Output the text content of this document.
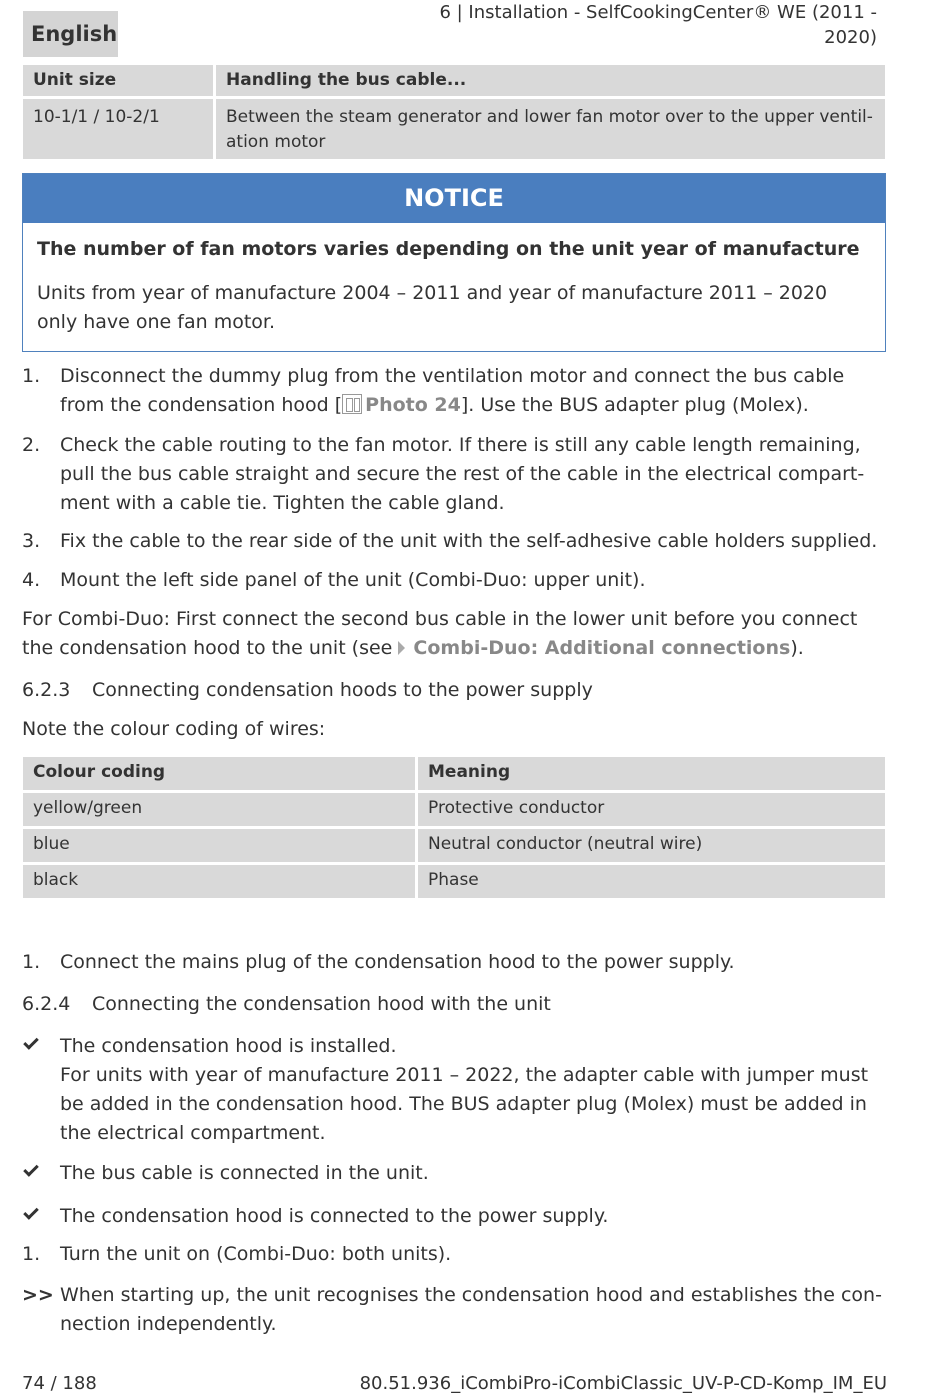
English
6 | Installation - SelfCookingCenter® WE (2011 -
2020)
Unit size	Handling the bus cable...
10-1/1 / 10-2/1	Between the steam generator and lower fan motor over to the upper ventil-ation motor
NOTICE
The number of fan motors varies depending on the unit year of manufacture
Units from year of manufacture 2004 – 2011 and year of manufacture 2011 – 2020 only have one fan motor.
1. Disconnect the dummy plug from the ventilation motor and connect the bus cable from the condensation hood [ Photo 24]. Use the BUS adapter plug (Molex).
2. Check the cable routing to the fan motor. If there is still any cable length remaining, pull the bus cable straight and secure the rest of the cable in the electrical compart-ment with a cable tie. Tighten the cable gland.
3. Fix the cable to the rear side of the unit with the self-adhesive cable holders supplied.
4. Mount the left side panel of the unit (Combi-Duo: upper unit).
For Combi-Duo: First connect the second bus cable in the lower unit before you connect the condensation hood to the unit (see Combi-Duo: Additional connections).
6.2.3 Connecting condensation hoods to the power supply
Note the colour coding of wires:
Colour coding	Meaning
yellow/green	Protective conductor
blue	Neutral conductor (neutral wire)
black	Phase
1. Connect the mains plug of the condensation hood to the power supply.
6.2.4 Connecting the condensation hood with the unit
The condensation hood is installed.
For units with year of manufacture 2011 – 2022, the adapter cable with jumper must be added in the condensation hood. The BUS adapter plug (Molex) must be added in the electrical compartment.
The bus cable is connected in the unit.
The condensation hood is connected to the power supply.
1. Turn the unit on (Combi-Duo: both units).
>> When starting up, the unit recognises the condensation hood and establishes the con-nection independently.
74 / 188	80.51.936_iCombiPro-iCombiClassic_UV-P-CD-Komp_IM_EU
